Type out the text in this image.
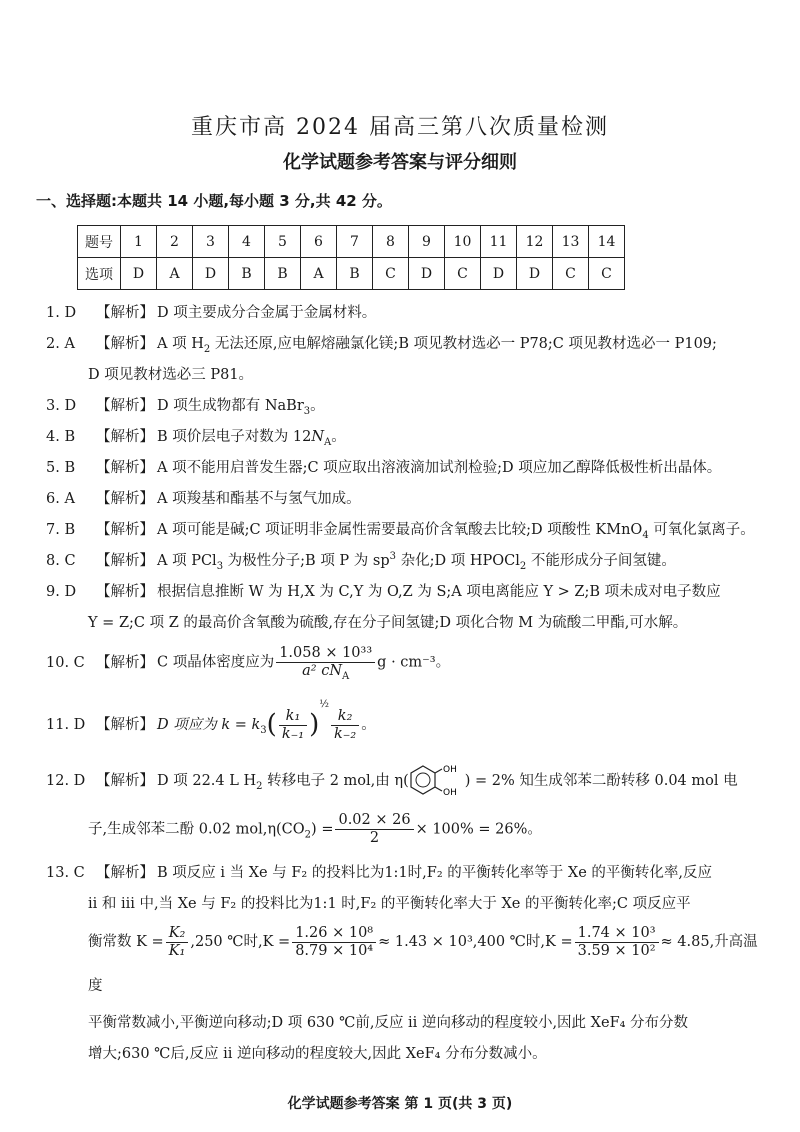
重庆市高 2024 届高三第八次质量检测
化学试题参考答案与评分细则
一、选择题:本题共 14 小题,每小题 3 分,共 42 分。
题号	1	2	3	4	5	6	7	8	9	10	11	12	13	14
选项	D	A	D	B	B	A	B	C	D	C	D	D	C	C
1. D 【解析】 D 项主要成分合金属于金属材料。
2. A 【解析】 A 项 $H_2$ 无法还原,应电解熔融氯化镁;B 项见教材选必一 P78;C 项见教材选必一 P109;
D 项见教材选必三 P81。
3. D 【解析】 D 项生成物都有 NaBr$_3$。
4. B 【解析】 B 项价层电子对数为 $12N_A$。
5. B 【解析】 A 项不能用启普发生器;C 项应取出溶液滴加试剂检验;D 项应加乙醇降低极性析出晶体。
6. A 【解析】 A 项羧基和酯基不与氢气加成。
7. B 【解析】 A 项可能是碱;C 项证明非金属性需要最高价含氧酸去比较;D 项酸性 KMnO$_4$ 可氧化氯离子。
8. C 【解析】 A 项 PCl$_3$ 为极性分子;B 项 P 为 $sp^3$ 杂化;D 项 HPOCl$_2$ 不能形成分子间氢键。
9. D 【解析】 根据信息推断 W 为 H,X 为 C,Y 为 O,Z 为 S;A 项电离能应 Y > Z;B 项未成对电子数应
Y = Z;C 项 Z 的最高价含氧酸为硫酸,存在分子间氢键;D 项化合物 M 为硫酸二甲酯,可水解。
10. C 【解析】 C 项晶体密度应为 $\frac{\text{1.058 × 10³³}}{a^2 cN_A}$ g · cm⁻³。
11. D 【解析】 D 项应为 $k = k_3( \frac{\text{k₁}}{\text{k₋₁}} )^{\frac{1}{2}}$
$\frac{\text{k₂}}{\text{k₋₂}}$ 。
12. D 【解析】 D 项 22.4 L $H_2$ 转移电子 2 mol,由 η(
OH
OH
) = 2% 知生成邻苯二酚转移 0.04 mol 电
子,生成邻苯二酚 0.02 $mol,\eta(CO_2) = \frac{0.02 \times 26}{2} \times 100\% = 26\%$。
13. C 【解析】 B 项反应 ⅰ 当 Xe 与 F₂ 的投料比为1:1时,F₂ 的平衡转化率等于 Xe 的平衡转化率,反应
ⅱ 和 ⅲ 中,当 Xe 与 F₂ 的投料比为1:1 时,F₂ 的平衡转化率大于 Xe 的平衡转化率;C 项反应平
衡常数 $K = \frac{\text{K₂}}{\text{K₁}} ,250$ ℃时$,K = \frac{\text{1.26 × 10⁸}}{\text{8.79 × 10⁴}} \approx 1.43 \times 10^3,400$ ℃时$,K = \frac{\text{1.74 × 10³}}{\text{3.59 × 10²}} \approx 4.85$,升高温度
平衡常数减小,平衡逆向移动;D 项 630 ℃前,反应 ⅱ 逆向移动的程度较小,因此 XeF₄ 分布分数
增大;630 ℃后,反应 ⅱ 逆向移动的程度较大,因此 XeF₄ 分布分数减小。
化学试题参考答案 第 1 页(共 3 页)
